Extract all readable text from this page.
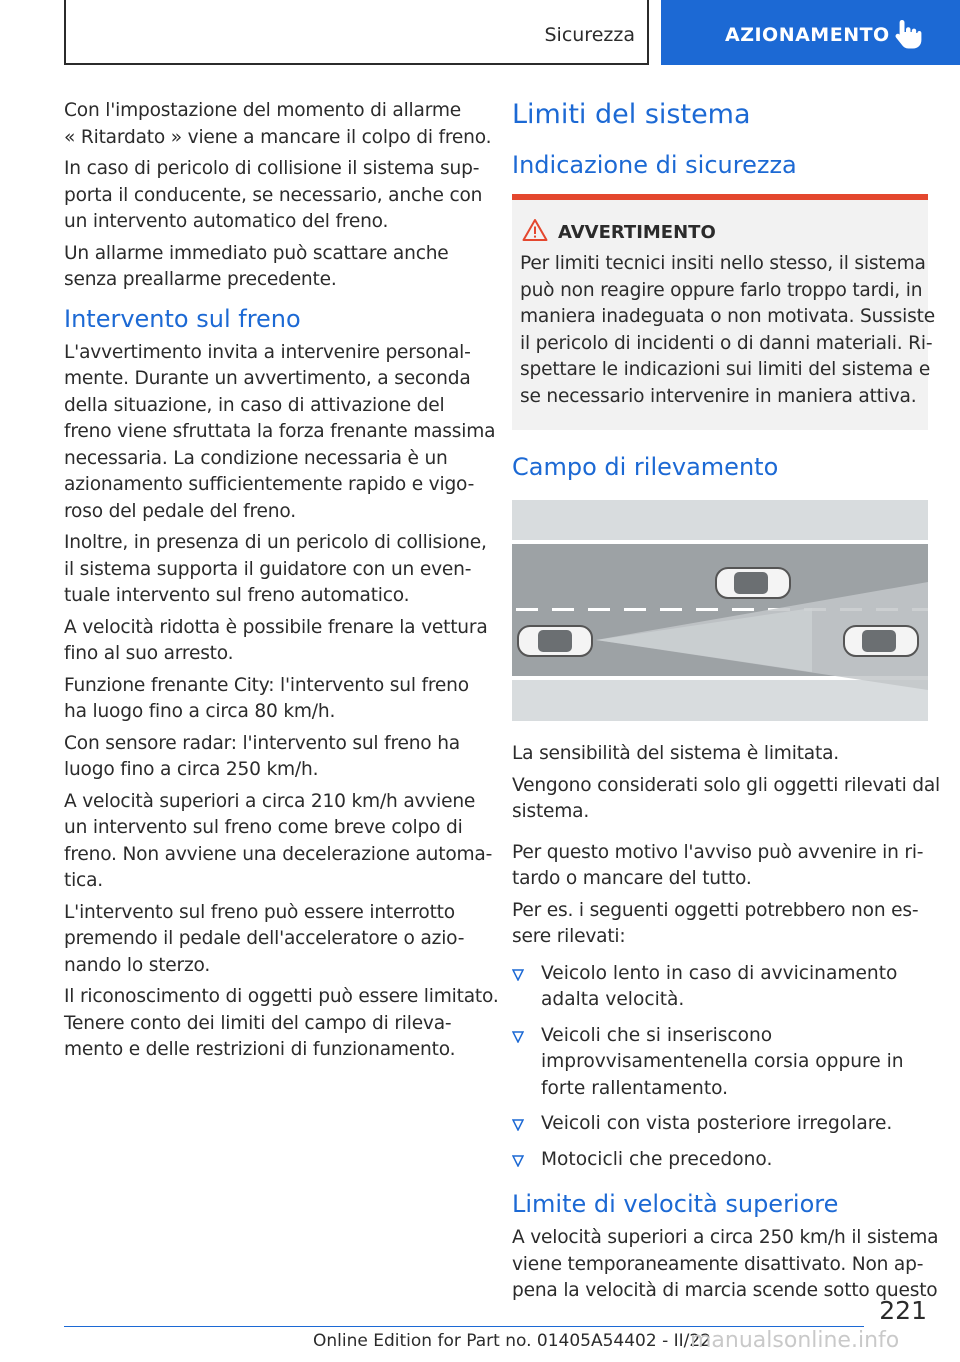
Sicurezza	AZIONAMENTO

Con l'impostazione del momento di allarme
« Ritardato » viene a mancare il colpo di freno.

In caso di pericolo di collisione il sistema sup-
porta il conducente, se necessario, anche con
un intervento automatico del freno.

Un allarme immediato può scattare anche
senza preallarme precedente.

Intervento sul freno

L'avvertimento invita a intervenire personal-
mente. Durante un avvertimento, a seconda
della situazione, in caso di attivazione del
freno viene sfruttata la forza frenante massima
necessaria. La condizione necessaria è un
azionamento sufficientemente rapido e vigo-
roso del pedale del freno.

Inoltre, in presenza di un pericolo di collisione,
il sistema supporta il guidatore con un even-
tuale intervento sul freno automatico.

A velocità ridotta è possibile frenare la vettura
fino al suo arresto.

Funzione frenante City: l'intervento sul freno
ha luogo fino a circa 80 km/h.

Con sensore radar: l'intervento sul freno ha
luogo fino a circa 250 km/h.

A velocità superiori a circa 210 km/h avviene
un intervento sul freno come breve colpo di
freno. Non avviene una decelerazione automa-
tica.

L'intervento sul freno può essere interrotto
premendo il pedale dell'acceleratore o azio-
nando lo sterzo.

Il riconoscimento di oggetti può essere limitato.
Tenere conto dei limiti del campo di rileva-
mento e delle restrizioni di funzionamento.

Limiti del sistema
Indicazione di sicurezza
AVVERTIMENTO

Per limiti tecnici insiti nello stesso, il sistema
può non reagire oppure farlo troppo tardi, in
maniera inadeguata o non motivata. Sussiste
il pericolo di incidenti o di danni materiali. Ri-
spettare le indicazioni sui limiti del sistema e
se necessario intervenire in maniera attiva.

Campo di rilevamento

La sensibilità del sistema è limitata.

Vengono considerati solo gli oggetti rilevati dal
sistema.

Per questo motivo l'avviso può avvenire in ri-
tardo o mancare del tutto.

Per es. i seguenti oggetti potrebbero non es-
sere rilevati:

Veicolo lento in caso di avvicinamento adalta velocità.
Veicoli che si inseriscono improvvisamentenella corsia oppure in forte rallentamento.
Veicoli con vista posteriore irregolare.
Motocicli che precedono.
Limite di velocità superiore

A velocità superiori a circa 250 km/h il sistema
viene temporaneamente disattivato. Non ap-
pena la velocità di marcia scende sotto questo

221
Online Edition for Part no. 01405A54402 - II/22
manualsonline.info
